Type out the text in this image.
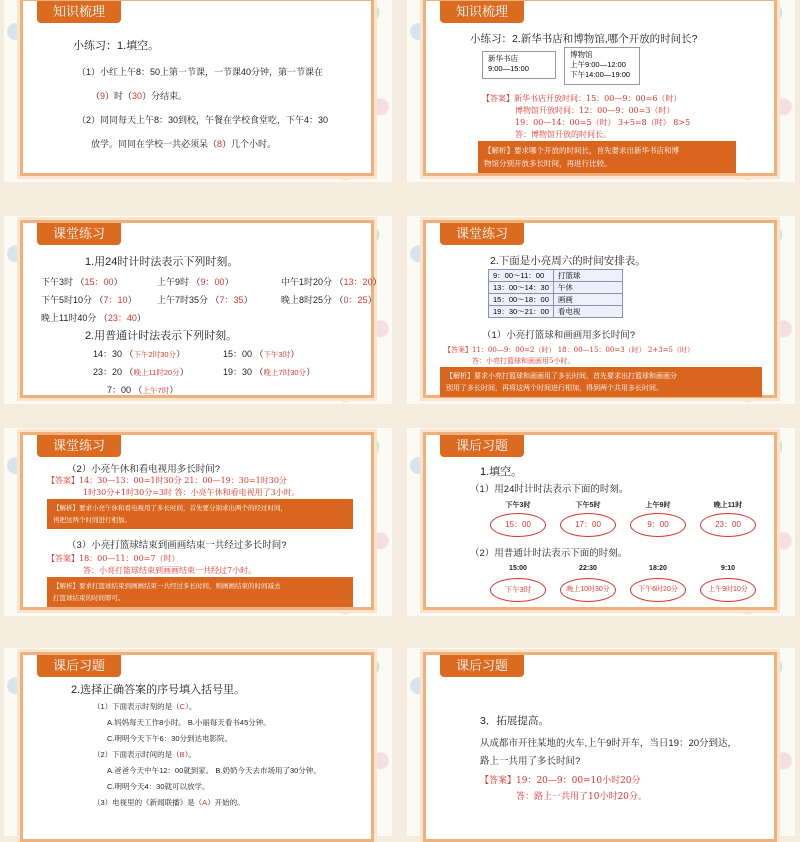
知识梳理
小练习：1.填空。
（1）小红上午8：50上第一节课，一节课40分钟，第一节课在
（9）时（30）分结束。
（2）同同每天上午8：30到校，午餐在学校食堂吃，下午4：30
放学。同同在学校一共必须呆（8）几个小时。
知识梳理
小练习：2.新华书店和博物馆,哪个开放的时间长?
新华书店
9:00—15:00
博物馆
上午9:00—12:00
下午14:00—19:00
【答案】新华书店开放时间：15：00—9：00=6（时）
博物馆开放时间：12：00—9：00=3（时）
19：00—14：00=5（时） 3+5=8（时） 8>5
答：博物馆开放的时间长。
【解析】要求哪个开放的时间长，首先要求出新华书店和博
物馆分别开放多长时间，再进行比较。
课堂练习
1.用24时计时法表示下列时刻。
下午3时 （15：00）	上午9时 （9：00）	中午1时20分 （13：20）
下午5时10分 （7：10） 上午7时35分 （7：35）	晚上8时25分 （0：25）
晚上11时40分 （23：40）
2.用普通计时法表示下列时刻。
14：30 （下午2时30分）	15：00 （下午3时）
23：20 （晚上11时20分）	19：30 （晚上7时30分）
7：00 （上午7时）
课堂练习
2.下面是小亮周六的时间安排表。
9：00～11：00	打篮球
13：00～14：30	午休
15：00～18：00	画画
19：30～21：00	看电视
（1）小亮打篮球和画画用多长时间?
【答案】11：00—9：00=2（时） 18：00—15：00=3（时） 2+3=5（时）
答：小亮打篮球和画画用5小时。
【解析】要求小亮打篮球和画画用了多长时间，首先要求出打篮球和画画分
别用了多长时间，再将这两个时间进行相加，得到两个共用多长时间。
课堂练习
（2）小亮午休和看电视用多长时间?
【答案】14：30—13：00=1时30分 21：00—19：30=1时30分
1时30分+1时30分=3时 答：小亮午休和看电视用了3小时。
【解析】要求小亮午休和看电视用了多长时间，首先要分别求出两个的经过时间，
再把这两个时间进行相加。
（3）小亮打篮球结束到画画结束一共经过多长时间?
【答案】18：00—11：00=7（时）
答：小亮打篮球结束到画画结束一共经过7小时。
【解析】要求打篮球结束到画画结束一共经过多长时间，则画画结束的时间减去
打篮球结束的时间即可。
课后习题
1.填空。
（1）用24时计时法表示下面的时刻。
下午3时	下午5时	上午9时	晚上11时
15：00	17：00	9：00	23：00
（2）用普通计时法表示下面的时刻。
15:00	22:30	18:20	9:10
下午3时	晚上10时30分	下午6时20分	上午9时10分
课后习题
2.选择正确答案的序号填入括号里。
（1）下面表示时刻的是（C）。
A.妈妈每天工作8小时。 B.小丽每天看书45分钟。
C.明明今天下午6：30分到达电影院。
（2）下面表示时间的是（B）。
A.爸爸今天中午12：00就到家。 B.奶奶今天去市场用了30分钟。
C.明明今天4：30就可以放学。
（3）电视里的《新闻联播》是（A）开始的。
课后习题
3．拓展提高。
从成都市开往某地的火车,上午9时开车，当日19：20分到达，
路上一共用了多长时间?
【答案】19：20—9：00=10小时20分
答：路上一共用了10小时20分。
